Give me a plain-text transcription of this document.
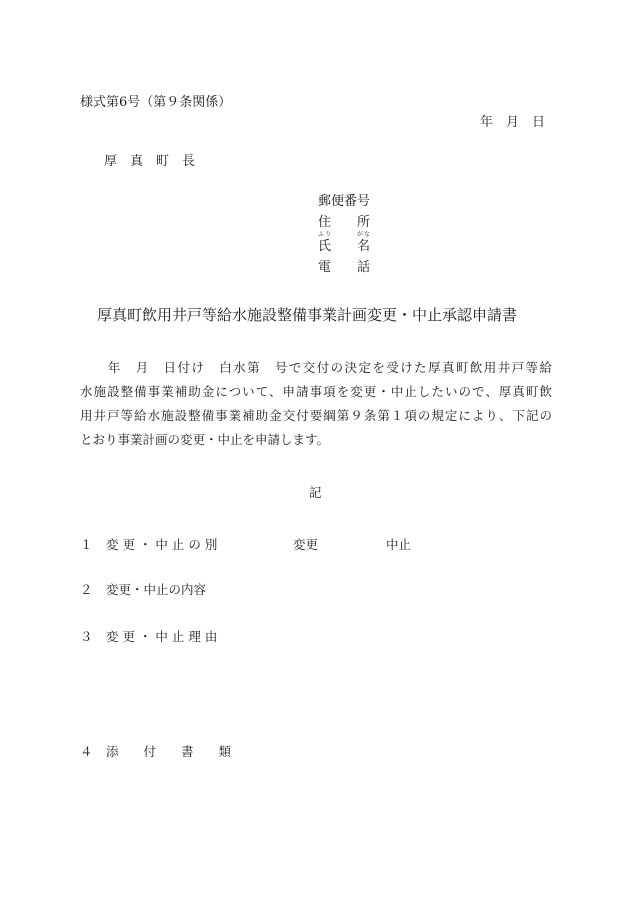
様式第6号（第９条関係）
年　月　日
厚　真　町　長
郵便番号
住　　所
ふり	がな
氏　　名
電　　話
厚真町飲用井戸等給水施設整備事業計画変更・中止承認申請書
　　年　月　日付け　白水第　号で交付の決定を受けた厚真町飲用井戸等給
水施設整備事業補助金について、申請事項を変更・中止したいので、厚真町飲
用井戸等給水施設整備事業補助金交付要綱第９条第１項の規定により、下記の
とおり事業計画の変更・中止を申請します。
記
１ 変 更 ・ 中 止 の 別	変更	中止
２ 変更・中止の内容
３ 変 更 ・ 中 止 理 由
４ 添　　付　　書　　類
